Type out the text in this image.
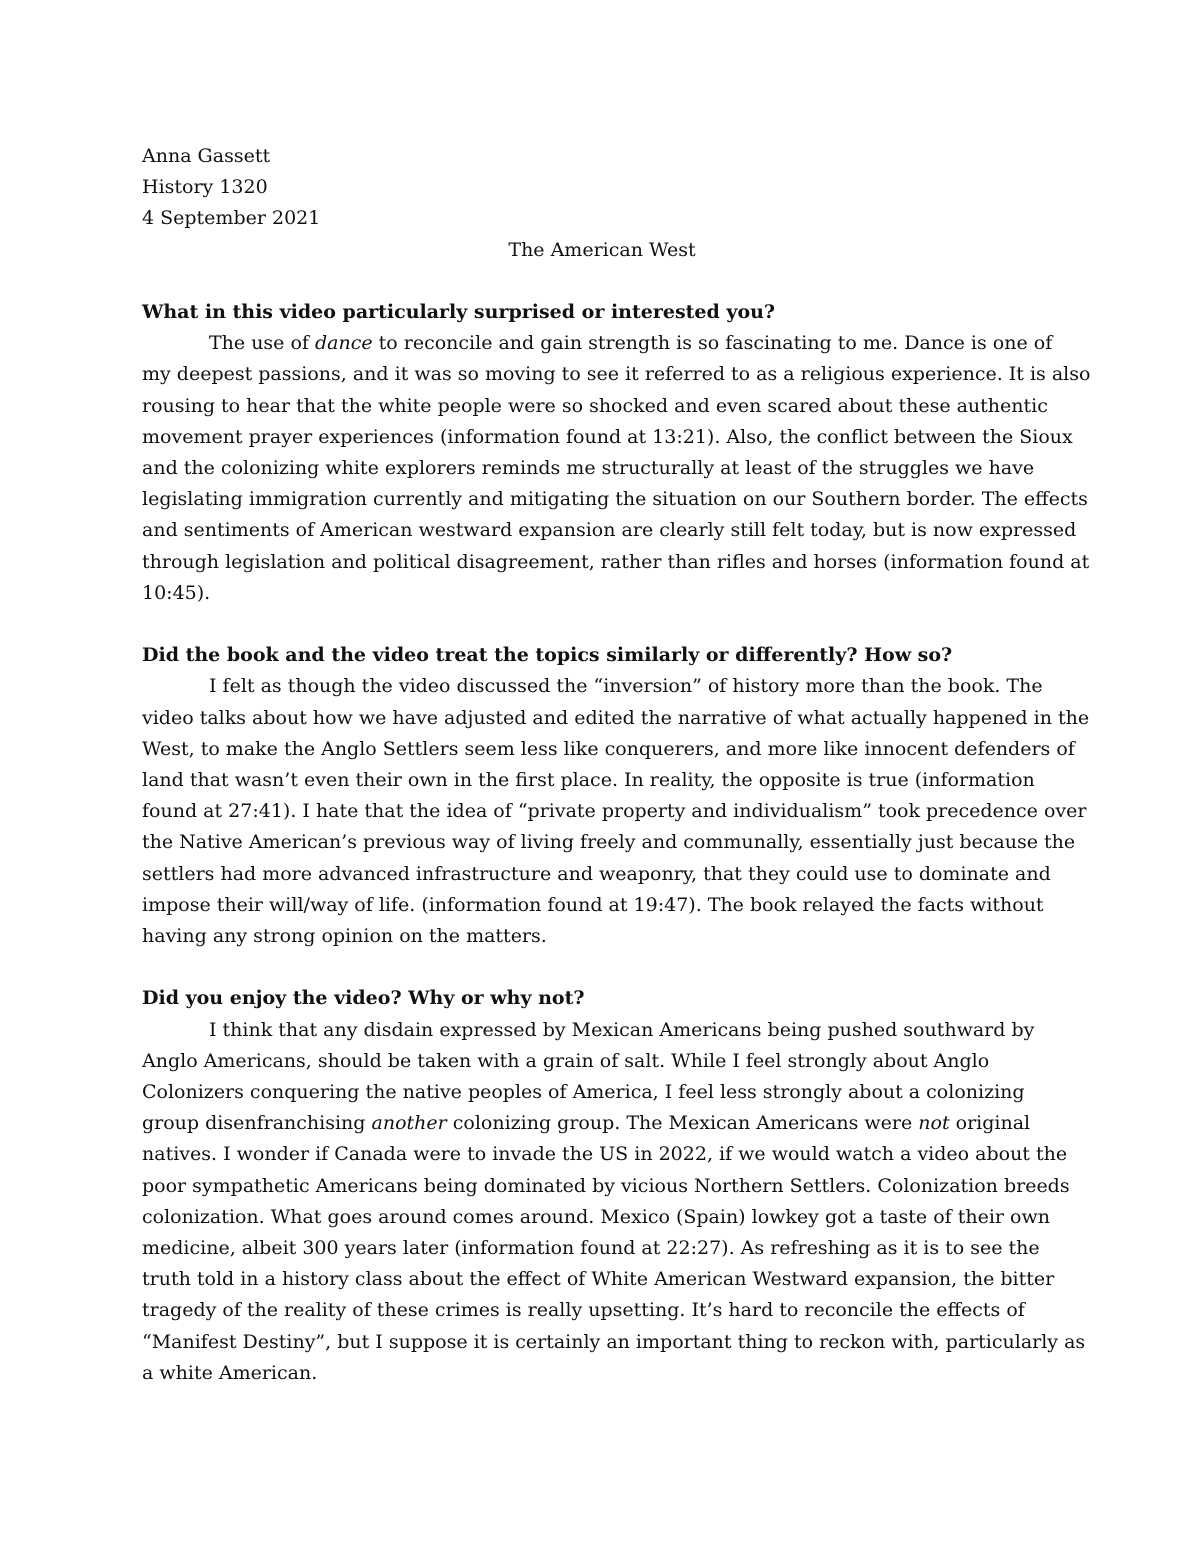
Anna Gassett
History 1320
4 September 2021
The American West
What in this video particularly surprised or interested you?
The use of dance to reconcile and gain strength is so fascinating to me. Dance is one of
my deepest passions, and it was so moving to see it referred to as a religious experience. It is also
rousing to hear that the white people were so shocked and even scared about these authentic
movement prayer experiences (information found at 13:21). Also, the conflict between the Sioux
and the colonizing white explorers reminds me structurally at least of the struggles we have
legislating immigration currently and mitigating the situation on our Southern border. The effects
and sentiments of American westward expansion are clearly still felt today, but is now expressed
through legislation and political disagreement, rather than rifles and horses (information found at
10:45).
Did the book and the video treat the topics similarly or differently? How so?
I felt as though the video discussed the “inversion” of history more than the book. The
video talks about how we have adjusted and edited the narrative of what actually happened in the
West, to make the Anglo Settlers seem less like conquerers, and more like innocent defenders of
land that wasn’t even their own in the first place. In reality, the opposite is true (information
found at 27:41). I hate that the idea of “private property and individualism” took precedence over
the Native American’s previous way of living freely and communally, essentially just because the
settlers had more advanced infrastructure and weaponry, that they could use to dominate and
impose their will/way of life. (information found at 19:47). The book relayed the facts without
having any strong opinion on the matters.
Did you enjoy the video? Why or why not?
I think that any disdain expressed by Mexican Americans being pushed southward by
Anglo Americans, should be taken with a grain of salt. While I feel strongly about Anglo
Colonizers conquering the native peoples of America, I feel less strongly about a colonizing
group disenfranchising another colonizing group. The Mexican Americans were not original
natives. I wonder if Canada were to invade the US in 2022, if we would watch a video about the
poor sympathetic Americans being dominated by vicious Northern Settlers. Colonization breeds
colonization. What goes around comes around. Mexico (Spain) lowkey got a taste of their own
medicine, albeit 300 years later (information found at 22:27). As refreshing as it is to see the
truth told in a history class about the effect of White American Westward expansion, the bitter
tragedy of the reality of these crimes is really upsetting. It’s hard to reconcile the effects of
“Manifest Destiny”, but I suppose it is certainly an important thing to reckon with, particularly as
a white American.
